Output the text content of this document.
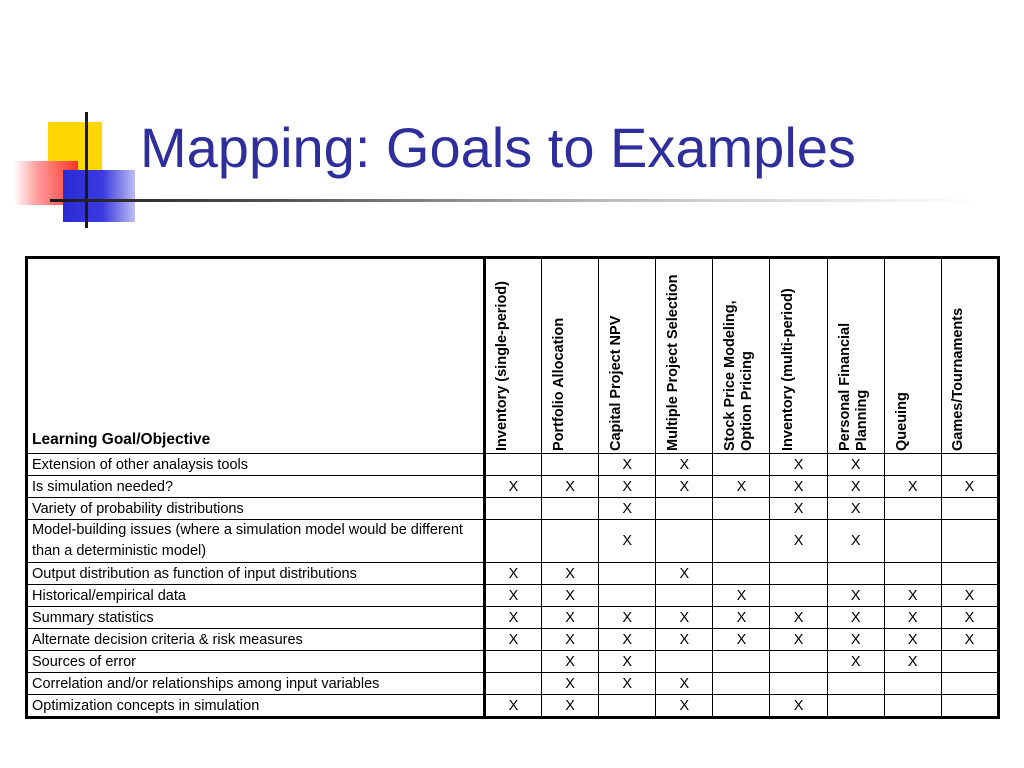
Mapping: Goals to Examples
Learning Goal/Objective	Inventory (single-period)	Portfolio Allocation	Capital Project NPV	Multiple Project Selection	Stock Price Modeling, Option Pricing	Inventory (multi-period)	Personal Financial Planning	Queuing	Games/Tournaments

Extension of other analaysis tools			X	X		X	X		
Is simulation needed?	X	X	X	X	X	X	X	X	X
Variety of probability distributions			X			X	X		
Model-building issues (where a simulation model would be different than a deterministic model)			X			X	X		
Output distribution as function of input distributions	X	X		X					
Historical/empirical data	X	X			X		X	X	X
Summary statistics	X	X	X	X	X	X	X	X	X
Alternate decision criteria & risk measures	X	X	X	X	X	X	X	X	X
Sources of error		X	X				X	X	
Correlation and/or relationships among input variables		X	X	X					
Optimization concepts in simulation	X	X		X		X			
